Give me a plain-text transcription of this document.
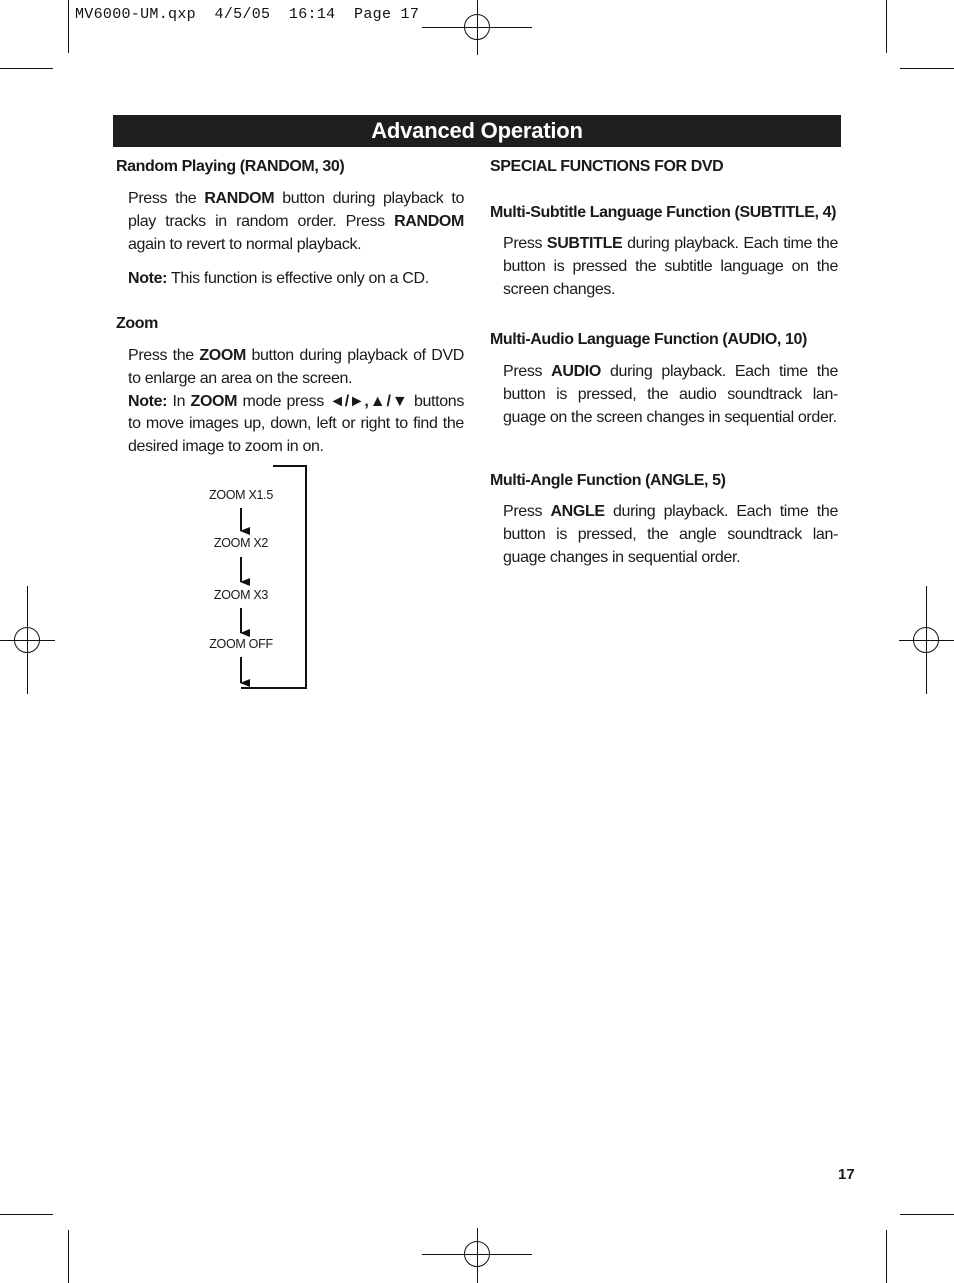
MV6000-UM.qxp  4/5/05  16:14  Page 17
Advanced Operation
Random Playing (RANDOM, 30)

Press the RANDOM button during playback to play tracks in random order. Press RANDOM again to revert to normal playback.

Note: This function is effective only on a CD.

Zoom

Press the ZOOM button during playback of DVD to enlarge an area on the screen.
Note: In ZOOM mode press ◄/►,▲/▼ buttons to move images up, down, left or right to find the desired image to zoom in on.

ZOOM X1.5
ZOOM X2
ZOOM X3
ZOOM OFF
SPECIAL FUNCTIONS FOR DVD
Multi-Subtitle Language Function (SUBTITLE, 4)

Press SUBTITLE during playback. Each time the button is pressed the subtitle language on the screen changes.

Multi-Audio Language Function (AUDIO, 10)

Press AUDIO during playback. Each time the button is pressed, the audio soundtrack lan-guage on the screen changes in sequential order.

Multi-Angle Function (ANGLE, 5)

Press ANGLE during playback. Each time the button is pressed, the angle soundtrack lan-guage changes in sequential order.

17
